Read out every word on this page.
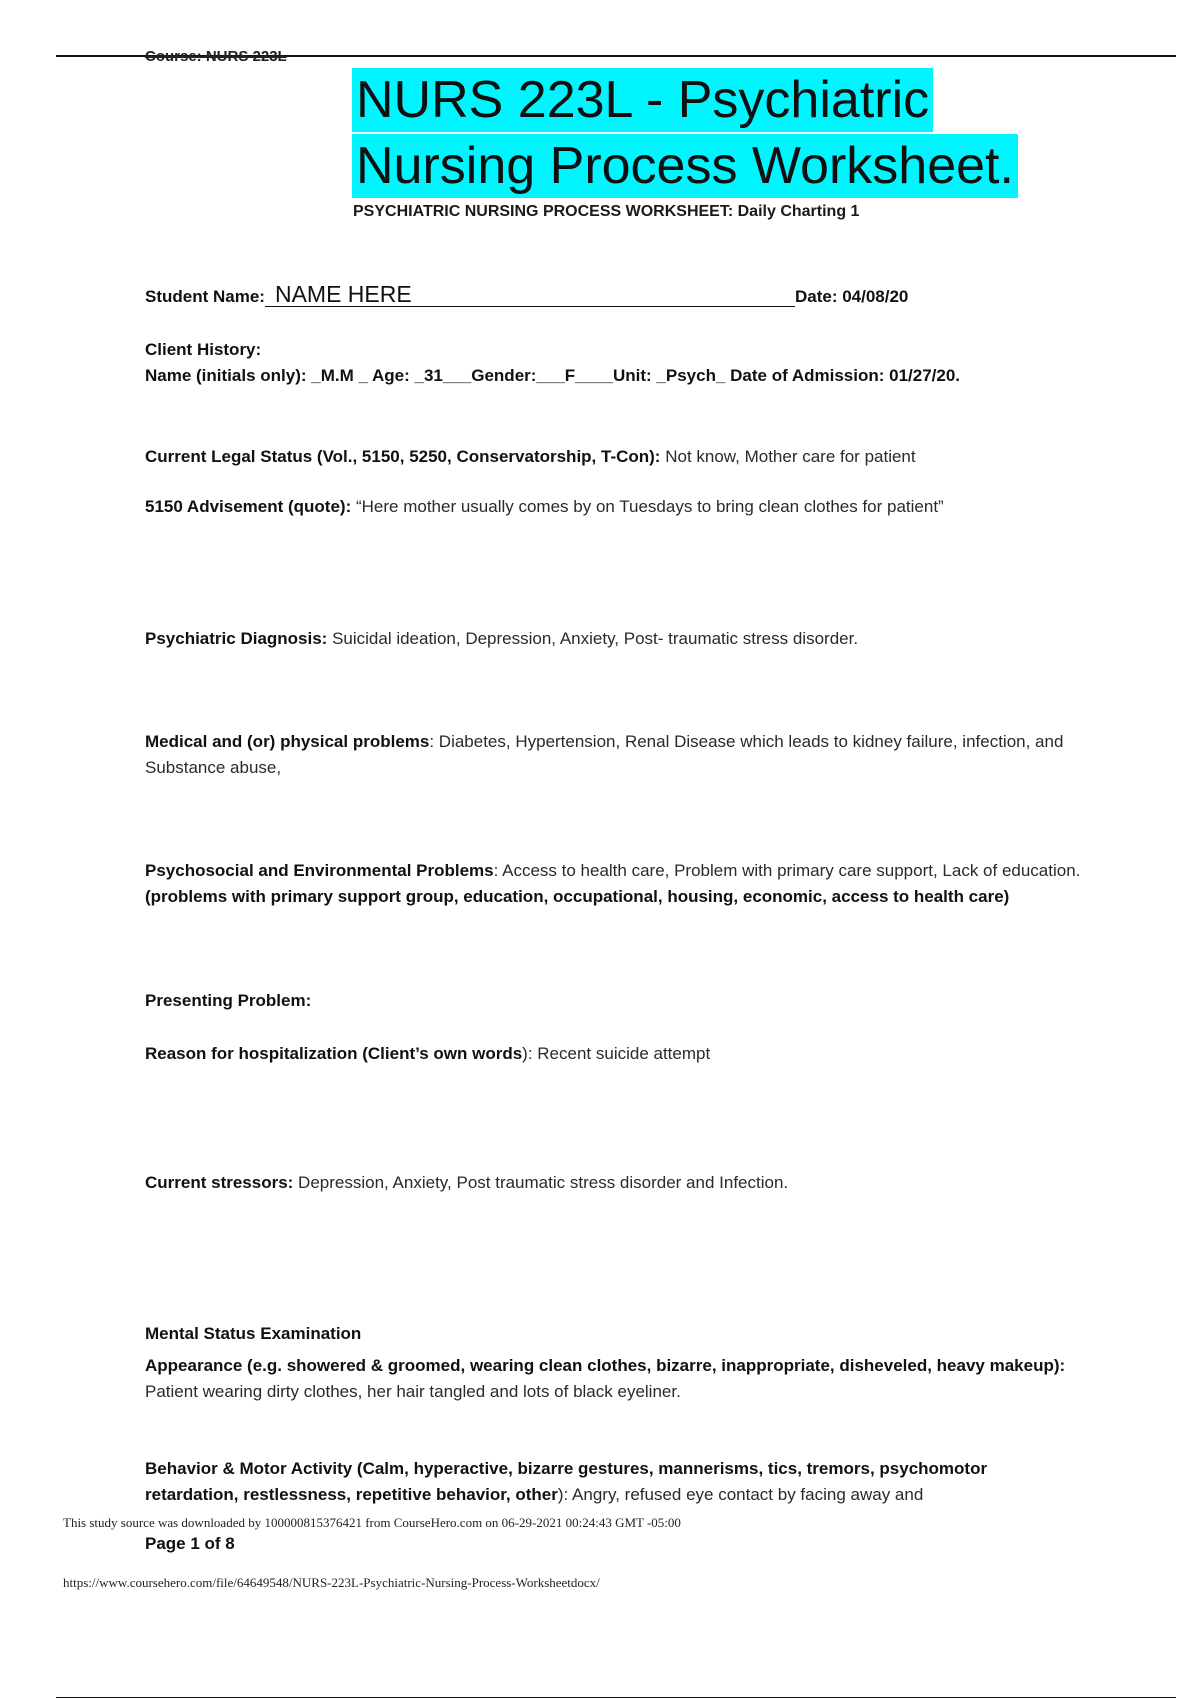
Course: NURS 223L
NURS 223L - Psychiatric
Nursing Process Worksheet.
PSYCHIATRIC NURSING PROCESS WORKSHEET: Daily Charting 1
Student Name: NAME HERE	Date: 04/08/20
Client History:
Name (initials only): _M.M _ Age: _31___Gender:___F____Unit: _Psych_ Date of Admission: 01/27/20.
Current Legal Status (Vol., 5150, 5250, Conservatorship, T-Con): Not know, Mother care for patient
5150 Advisement (quote): “Here mother usually comes by on Tuesdays to bring clean clothes for patient”
Psychiatric Diagnosis: Suicidal ideation, Depression, Anxiety, Post- traumatic stress disorder.
Medical and (or) physical problems: Diabetes, Hypertension, Renal Disease which leads to kidney failure, infection, and Substance abuse,
Psychosocial and Environmental Problems: Access to health care, Problem with primary care support, Lack of education.
(problems with primary support group, education, occupational, housing, economic, access to health care)
Presenting Problem:
Reason for hospitalization (Client’s own words): Recent suicide attempt
Current stressors: Depression, Anxiety, Post traumatic stress disorder and Infection.
Mental Status Examination
Appearance (e.g. showered & groomed, wearing clean clothes, bizarre, inappropriate, disheveled, heavy makeup): Patient wearing dirty clothes, her hair tangled and lots of black eyeliner.
Behavior & Motor Activity (Calm, hyperactive, bizarre gestures, mannerisms, tics, tremors, psychomotor retardation, restlessness, repetitive behavior, other): Angry, refused eye contact by facing away and
This study source was downloaded by 100000815376421 from CourseHero.com on 06-29-2021 00:24:43 GMT -05:00
Page 1 of 8
https://www.coursehero.com/file/64649548/NURS-223L-Psychiatric-Nursing-Process-Worksheetdocx/
